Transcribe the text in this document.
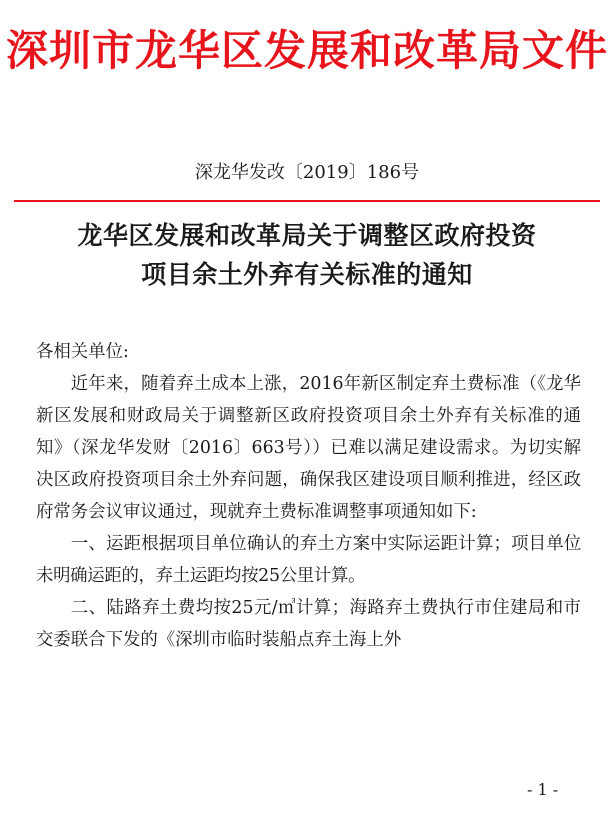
深圳市龙华区发展和改革局文件
深龙华发改〔2019〕186号
龙华区发展和改革局关于调整区政府投资
项目余土外弃有关标准的通知

各相关单位:

近年来，随着弃土成本上涨，2016年新区制定弃土费标准（《龙华新区发展和财政局关于调整新区政府投资项目余土外弃有关标准的通知》（深龙华发财〔2016〕663号））已难以满足建设需求。为切实解决区政府投资项目余土外弃问题，确保我区建设项目顺利推进，经区政府常务会议审议通过，现就弃土费标准调整事项通知如下:

一、运距根据项目单位确认的弃土方案中实际运距计算；项目单位未明确运距的，弃土运距均按25公里计算。

二、陆路弃土费均按25元/㎥计算；海路弃土费执行市住建局和市交委联合下发的《深圳市临时装船点弃土海上外

- 1 -
